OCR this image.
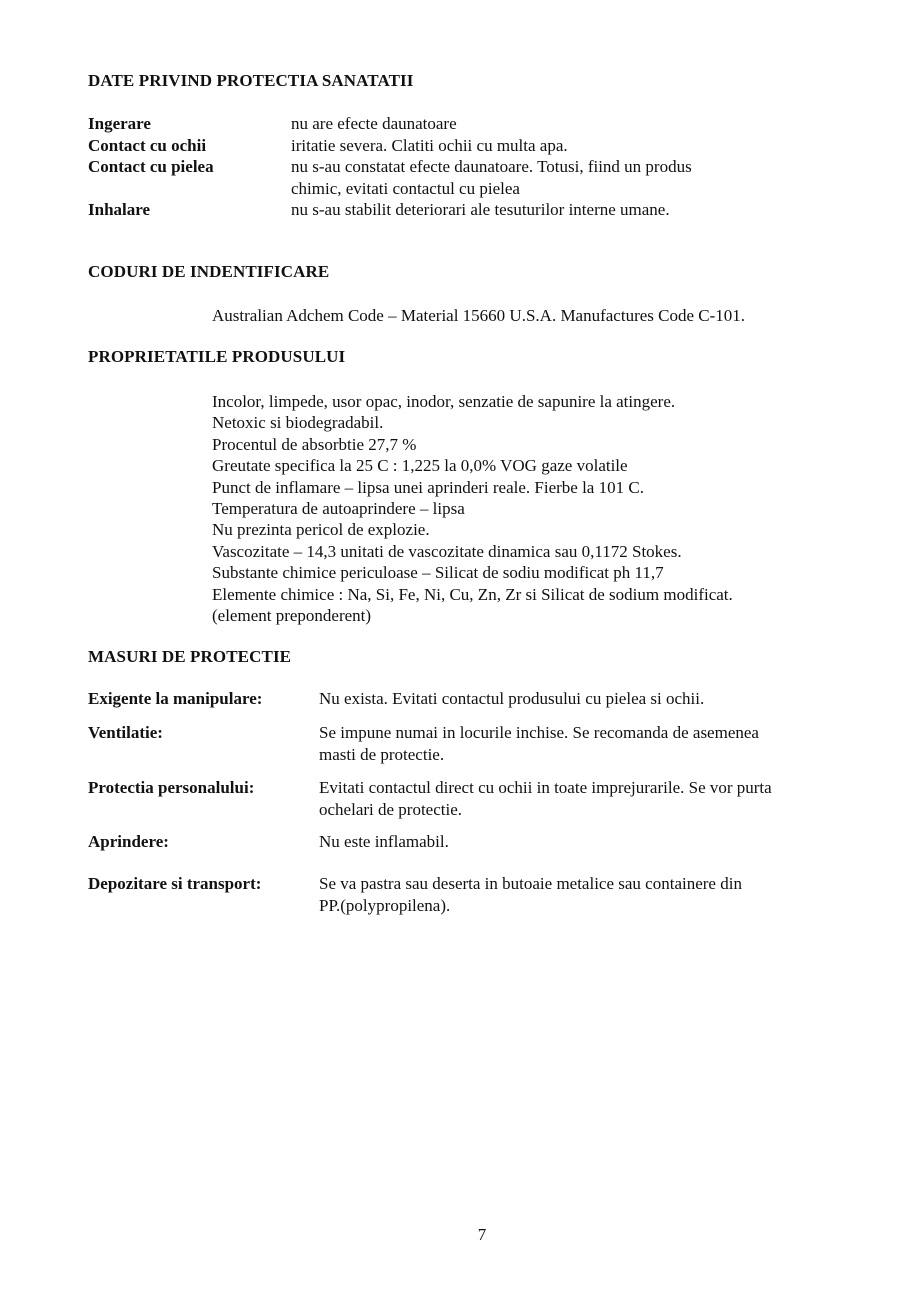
DATE PRIVIND PROTECTIA SANATATII
Ingerare	nu are efecte daunatoare
Contact cu ochii	iritatie severa. Clatiti ochii cu multa apa.
Contact cu pielea	nu s-au constatat efecte daunatoare. Totusi, fiind un produs
chimic, evitati contactul cu pielea
Inhalare	nu s-au stabilit deteriorari ale tesuturilor interne umane.
CODURI DE INDENTIFICARE
Australian Adchem Code – Material 15660 U.S.A. Manufactures Code C-101.
PROPRIETATILE PRODUSULUI
Incolor, limpede, usor opac, inodor, senzatie de sapunire la atingere.
Netoxic si biodegradabil.
Procentul de absorbtie 27,7 %
Greutate specifica la 25 C : 1,225 la 0,0% VOG gaze volatile
Punct de inflamare – lipsa unei aprinderi reale. Fierbe la 101 C.
Temperatura de autoaprindere – lipsa
Nu prezinta pericol de explozie.
Vascozitate – 14,3 unitati de vascozitate dinamica sau 0,1172 Stokes.
Substante chimice periculoase – Silicat de sodiu modificat ph 11,7
Elemente chimice : Na, Si, Fe, Ni, Cu, Zn, Zr si Silicat de sodium modificat.
(element preponderent)
MASURI DE PROTECTIE
Exigente la manipulare:	Nu exista. Evitati contactul produsului cu pielea si ochii.
Ventilatie:	Se impune numai in locurile inchise. Se recomanda de asemenea
masti de protectie.
Protectia personalului:	Evitati contactul direct cu ochii in toate imprejurarile. Se vor purta
ochelari de protectie.
Aprindere:	Nu este inflamabil.
Depozitare si transport:	Se va pastra sau deserta in butoaie metalice sau containere din
PP.(polypropilena).
7
